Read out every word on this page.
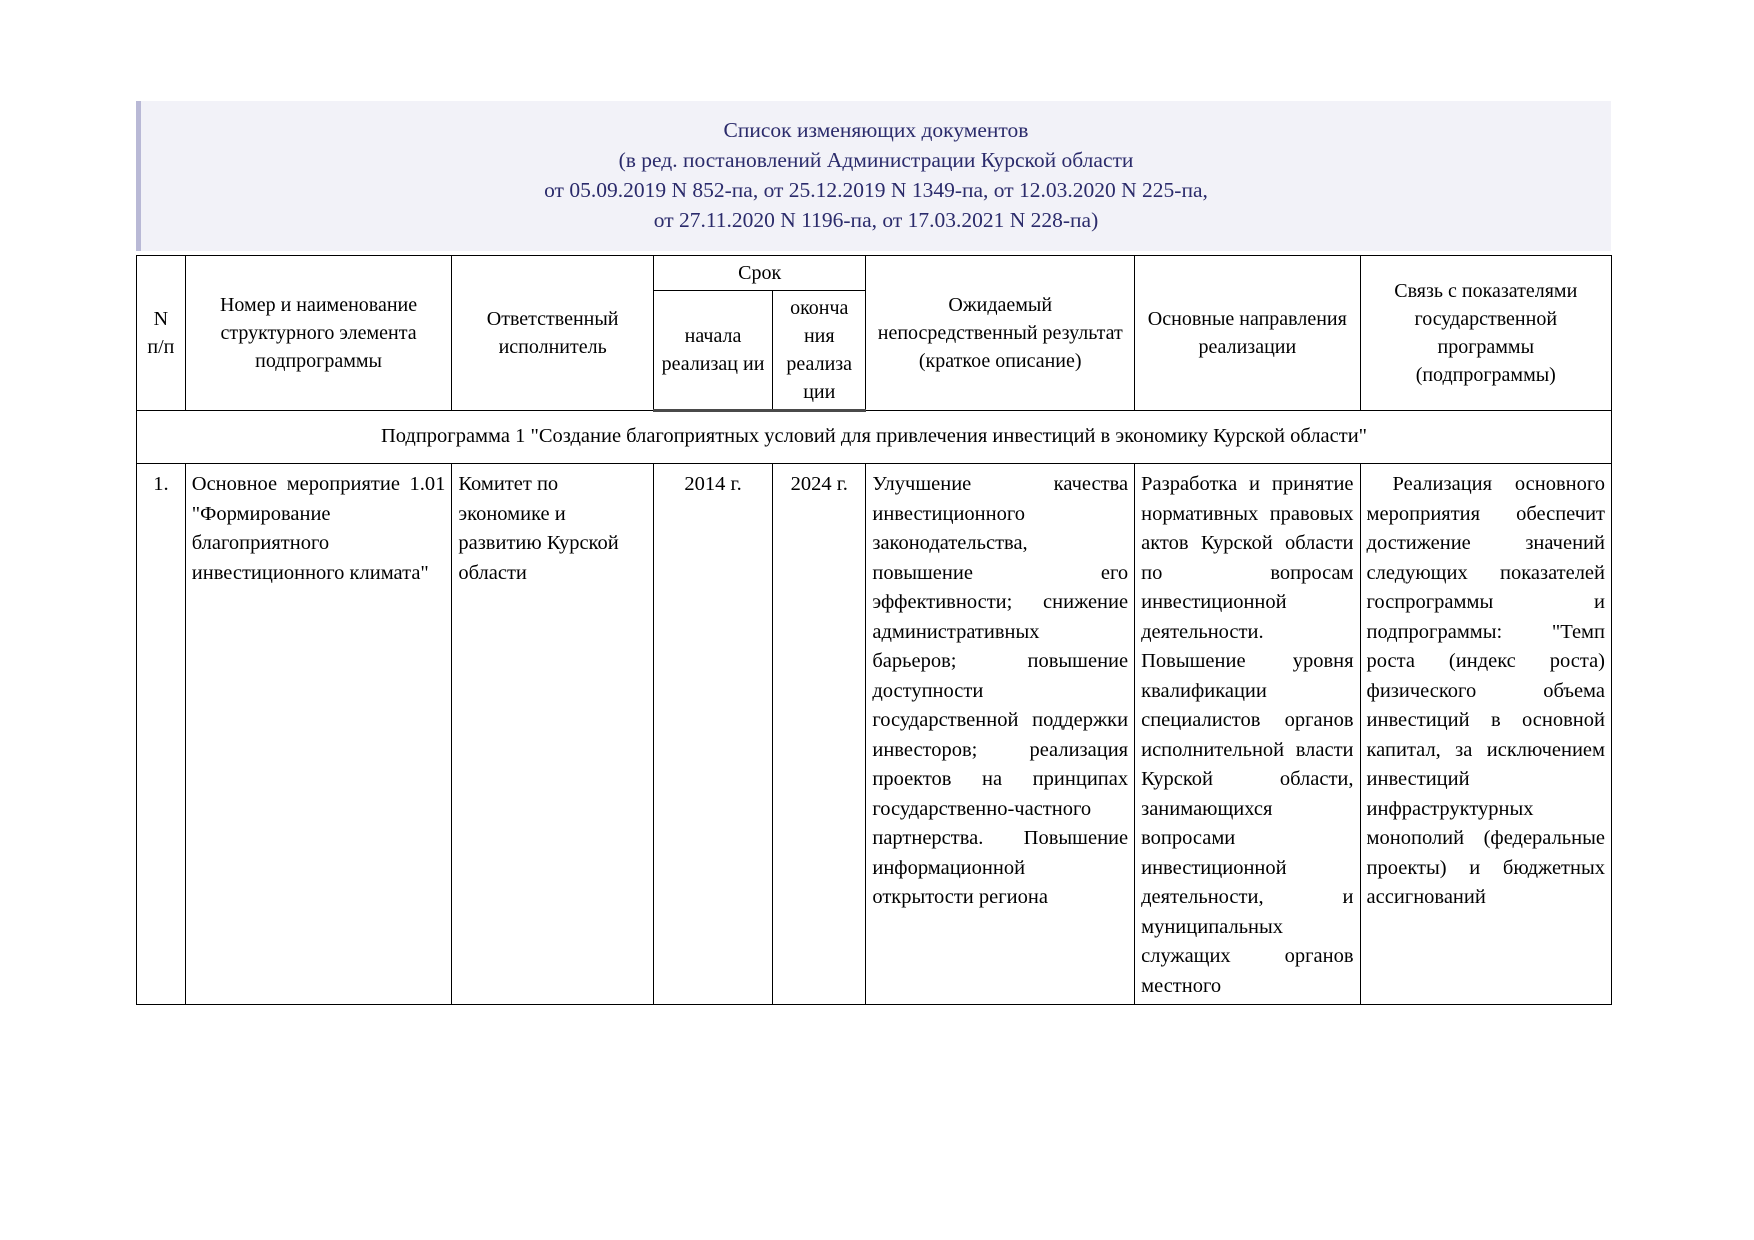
Список изменяющих документов
(в ред. постановлений Администрации Курской области
от 05.09.2019 N 852-па, от 25.12.2019 N 1349-па, от 12.03.2020 N 225-па,
от 27.11.2020 N 1196-па, от 17.03.2021 N 228-па)
N
п/п	Номер и наименование структурного элемента подпрограммы	Ответственный исполнитель	Срок		Ожидаемый непосредственный результат (краткое описание)	Основные направления реализации	Связь с показателями государственной программы (подпрограммы)
			начала реализац ии	оконча ния реализа ции			
Подпрограмма 1 "Создание благоприятных условий для привлечения инвестиций в экономику Курской области"							
1.	Основное мероприятие 1.01 "Формирование благоприятного инвестиционного климата"	Комитет по экономике и развитию Курской области	2014 г.	2024 г.	Улучшение качества инвестиционного законодательства, повышение его эффективности; снижение административных барьеров; повышение доступности государственной поддержки инвесторов; реализация проектов на принципах государственно-частного партнерства. Повышение информационной открытости региона	Разработка и принятие нормативных правовых актов Курской области по вопросам инвестиционной деятельности. Повышение уровня квалификации специалистов органов исполнительной власти Курской области, занимающихся вопросами инвестиционной деятельности, и муниципальных служащих органов местного	Реализация основного мероприятия обеспечит достижение значений следующих показателей госпрограммы и подпрограммы: "Темп роста (индекс роста) физического объема инвестиций в основной капитал, за исключением инвестиций инфраструктурных монополий (федеральные проекты) и бюджетных ассигнований
